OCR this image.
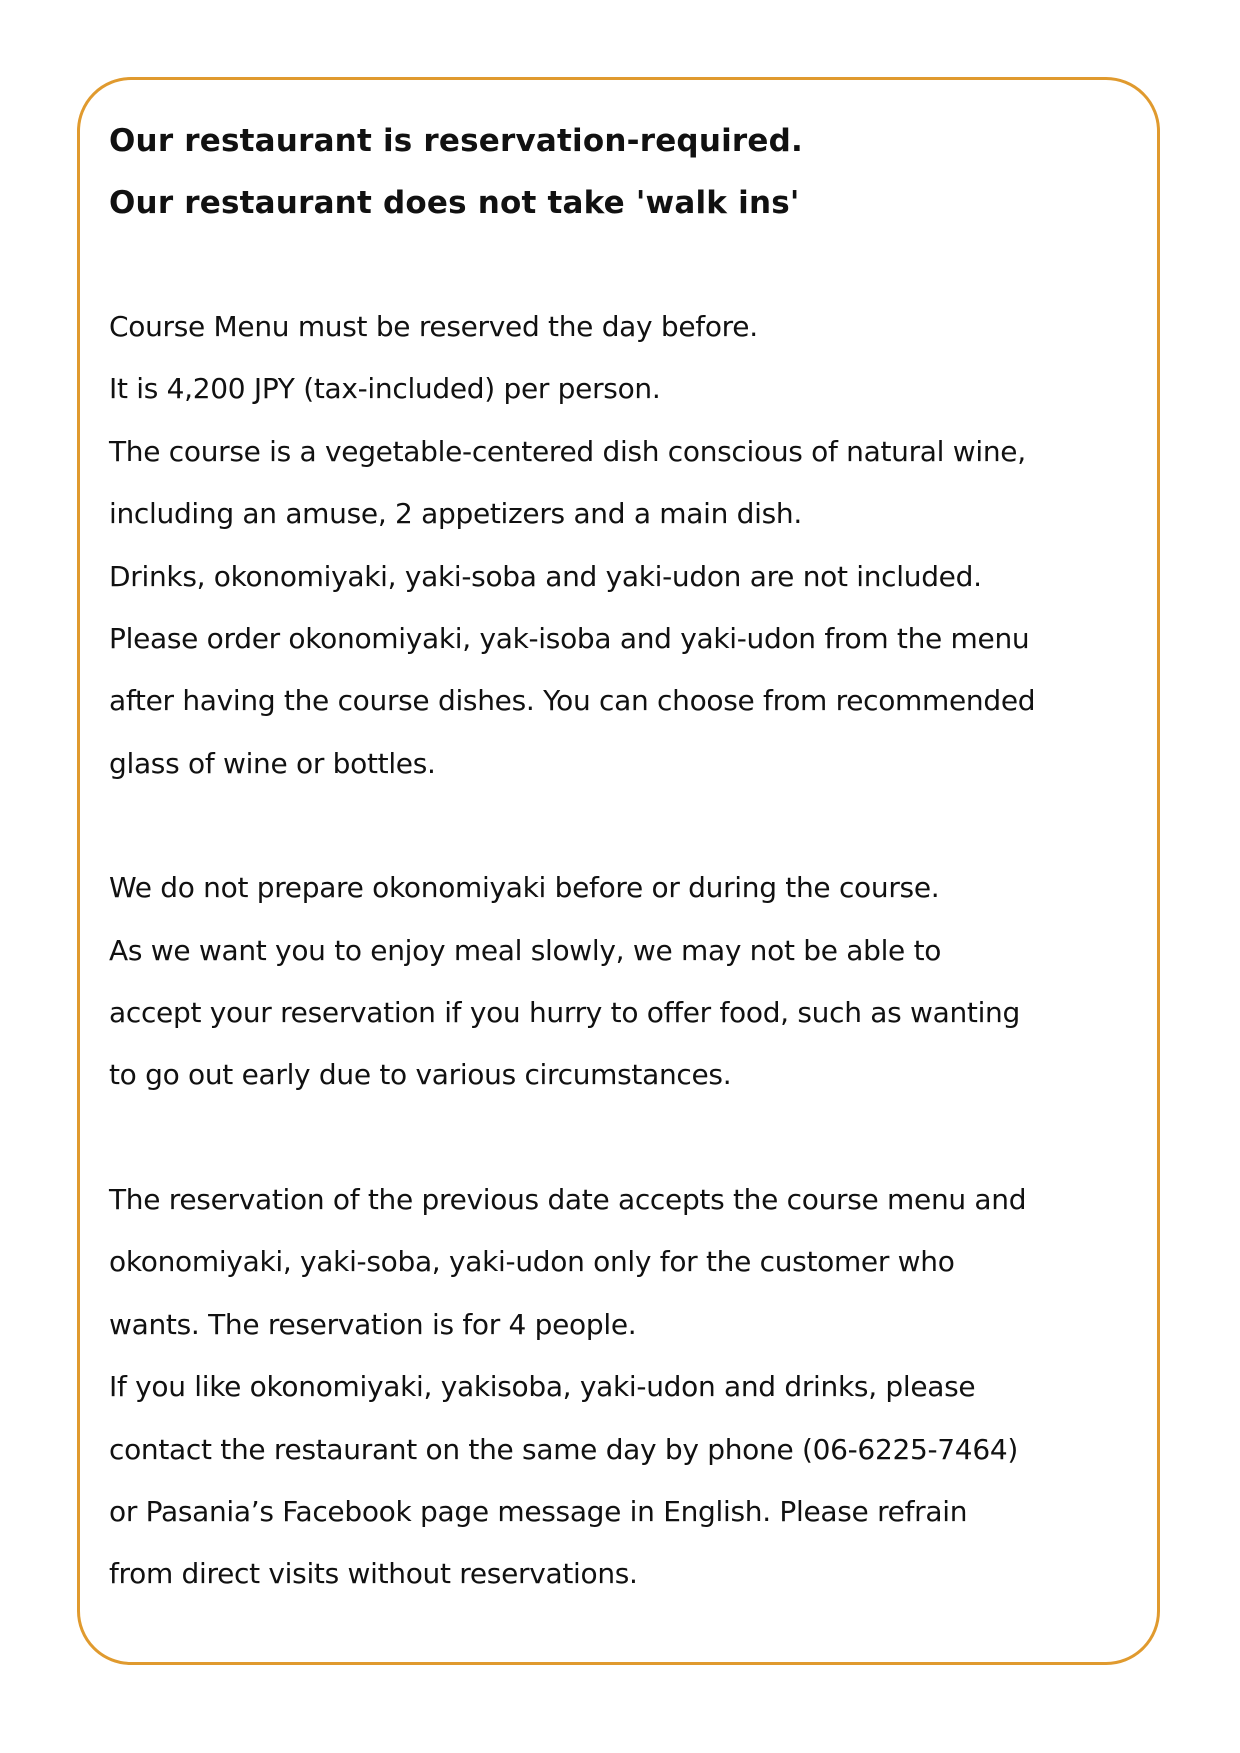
Our restaurant is reservation-required.
Our restaurant does not take 'walk ins'
Course Menu must be reserved the day before.
It is 4,200 JPY (tax-included) per person.
The course is a vegetable-centered dish conscious of natural wine,
including an amuse, 2 appetizers and a main dish.
Drinks, okonomiyaki, yaki-soba and yaki-udon are not included.
Please order okonomiyaki, yak-isoba and yaki-udon from the menu
after having the course dishes. You can choose from recommended
glass of wine or bottles.
We do not prepare okonomiyaki before or during the course.
As we want you to enjoy meal slowly, we may not be able to
accept your reservation if you hurry to offer food, such as wanting
to go out early due to various circumstances.
The reservation of the previous date accepts the course menu and
okonomiyaki, yaki-soba, yaki-udon only for the customer who
wants. The reservation is for 4 people.
If you like okonomiyaki, yakisoba, yaki-udon and drinks, please
contact the restaurant on the same day by phone (06-6225-7464)
or Pasania’s Facebook page message in English. Please refrain
from direct visits without reservations.
